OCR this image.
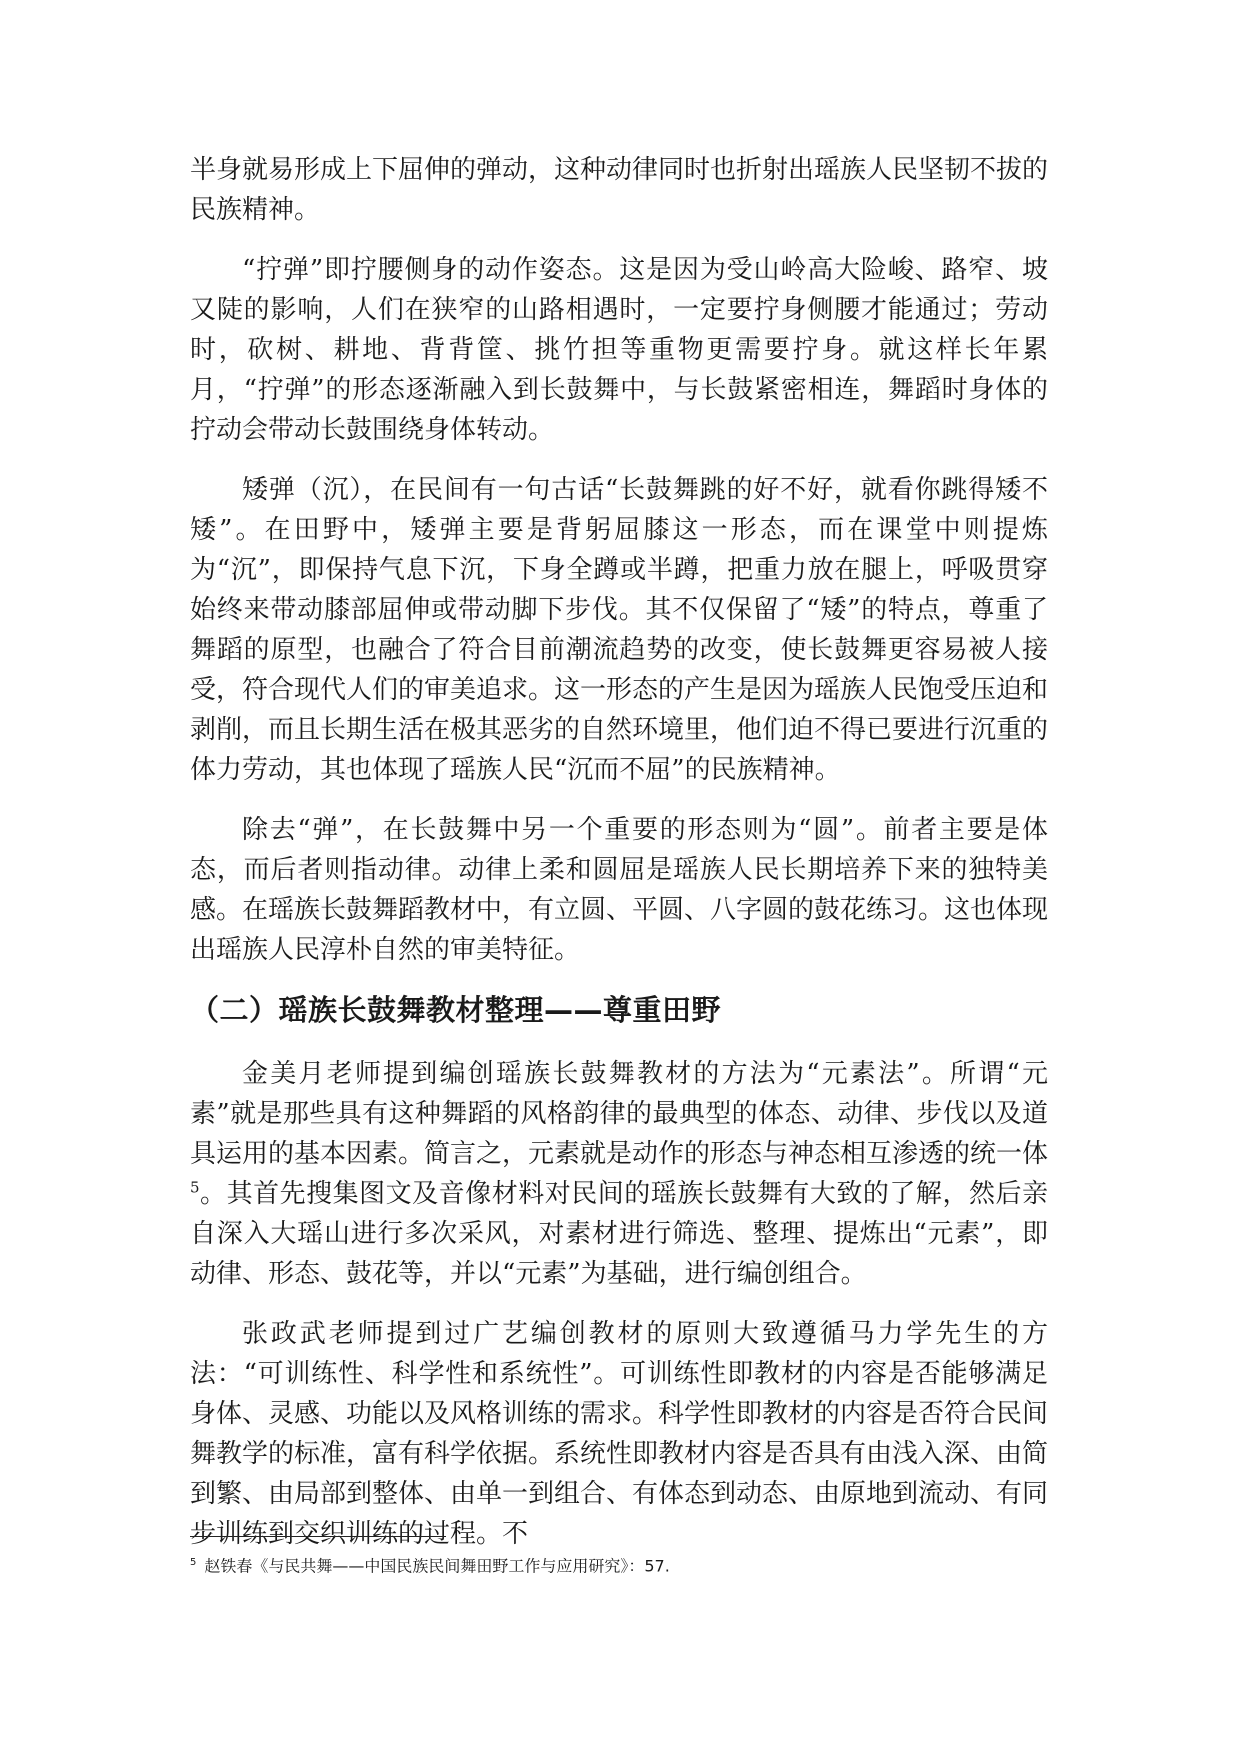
半身就易形成上下屈伸的弹动，这种动律同时也折射出瑶族人民坚韧不拔的民族精神。

“拧弹”即拧腰侧身的动作姿态。这是因为受山岭高大险峻、路窄、坡又陡的影响，人们在狭窄的山路相遇时，一定要拧身侧腰才能通过；劳动时，砍树、耕地、背背筐、挑竹担等重物更需要拧身。就这样长年累月，“拧弹”的形态逐渐融入到长鼓舞中，与长鼓紧密相连，舞蹈时身体的拧动会带动长鼓围绕身体转动。

矮弹（沉），在民间有一句古话“长鼓舞跳的好不好，就看你跳得矮不矮”。在田野中，矮弹主要是背躬屈膝这一形态，而在课堂中则提炼为“沉”，即保持气息下沉，下身全蹲或半蹲，把重力放在腿上，呼吸贯穿始终来带动膝部屈伸或带动脚下步伐。其不仅保留了“矮”的特点，尊重了舞蹈的原型，也融合了符合目前潮流趋势的改变，使长鼓舞更容易被人接受，符合现代人们的审美追求。这一形态的产生是因为瑶族人民饱受压迫和剥削，而且长期生活在极其恶劣的自然环境里，他们迫不得已要进行沉重的体力劳动，其也体现了瑶族人民“沉而不屈”的民族精神。

除去“弹”，在长鼓舞中另一个重要的形态则为“圆”。前者主要是体态，而后者则指动律。动律上柔和圆屈是瑶族人民长期培养下来的独特美感。在瑶族长鼓舞蹈教材中，有立圆、平圆、八字圆的鼓花练习。这也体现出瑶族人民淳朴自然的审美特征。

（二）瑶族长鼓舞教材整理——尊重田野

金美月老师提到编创瑶族长鼓舞教材的方法为“元素法”。所谓“元素”就是那些具有这种舞蹈的风格韵律的最典型的体态、动律、步伐以及道具运用的基本因素。简言之，元素就是动作的形态与神态相互渗透的统一体$^5$。其首先搜集图文及音像材料对民间的瑶族长鼓舞有大致的了解，然后亲自深入大瑶山进行多次采风，对素材进行筛选、整理、提炼出“元素”，即动律、形态、鼓花等，并以“元素”为基础，进行编创组合。

张政武老师提到过广艺编创教材的原则大致遵循马力学先生的方法：“可训练性、科学性和系统性”。可训练性即教材的内容是否能够满足身体、灵感、功能以及风格训练的需求。科学性即教材的内容是否符合民间舞教学的标准，富有科学依据。系统性即教材内容是否具有由浅入深、由简到繁、由局部到整体、由单一到组合、有体态到动态、由原地到流动、有同步训练到交织训练的过程。不

$^5$ 赵铁春《与民共舞——中国民族民间舞田野工作与应用研究》：57.
